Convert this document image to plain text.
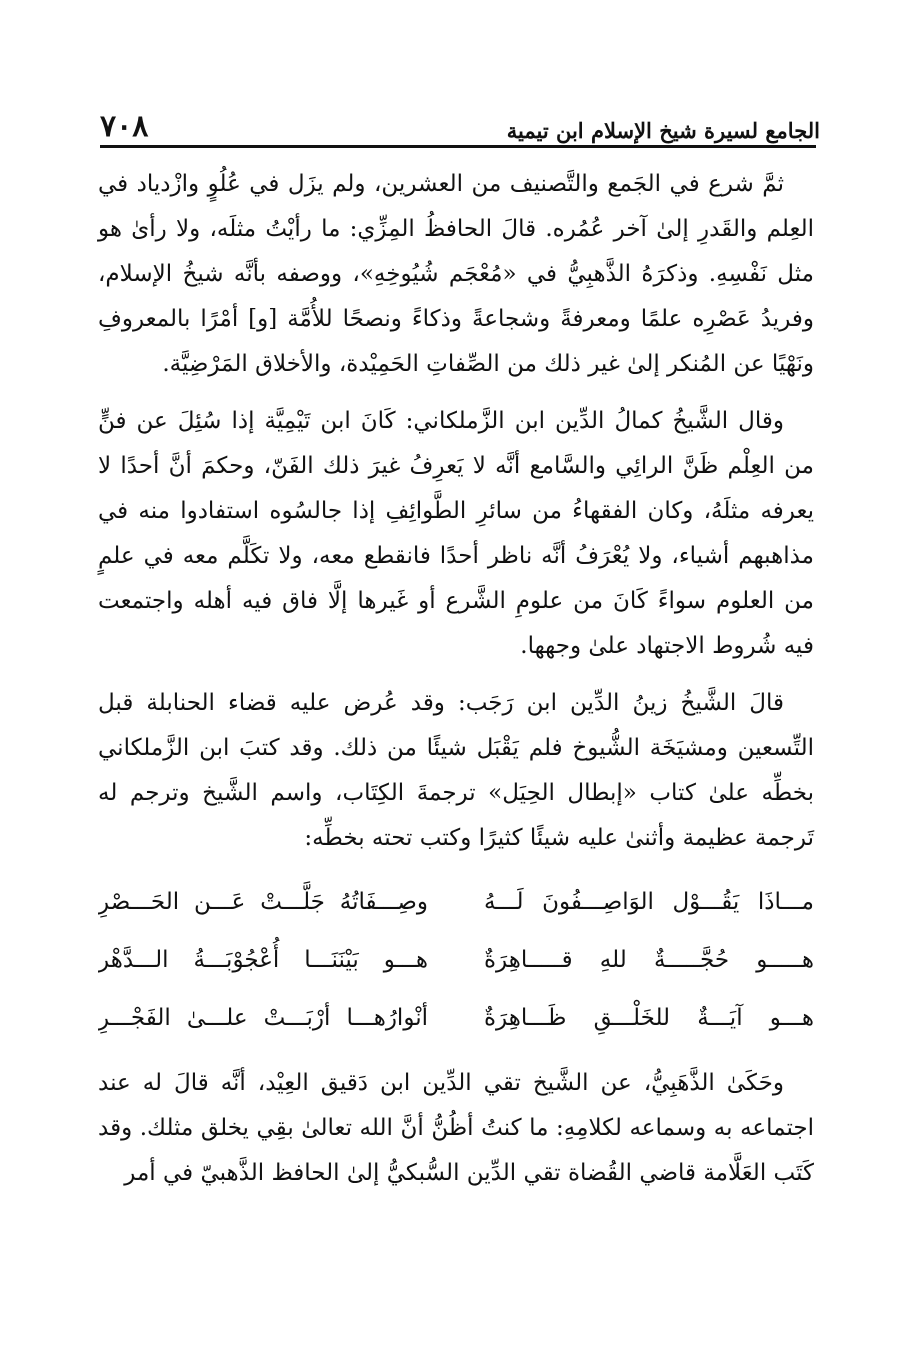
الجامع لسيرة شيخ الإسلام ابن تيمية
٧٠٨

ثمَّ شرع في الجَمع والتَّصنيف من العشرين، ولم يزَل في عُلُوٍ وازْدياد في العِلم والقَدرِ إلىٰ آخر عُمُره. قالَ الحافظُ المِزِّي: ما رأيْتُ مثلَه، ولا رأىٰ هو مثل نَفْسِهِ. وذكرَهُ الذَّهبِيُّ في «مُعْجَم شُيُوخِهِ»، ووصفه بأنَّه شيخُ الإسلام، وفريدُ عَصْرِه علمًا ومعرفةً وشجاعةً وذكاءً ونصحًا للأُمَّة [و] أمْرًا بالمعروفِ ونَهْيًا عن المُنكر إلىٰ غير ذلك من الصِّفاتِ الحَمِيْدة، والأخلاق المَرْضِيَّة.

وقال الشَّيخُ كمالُ الدِّين ابن الزَّملكاني: كَانَ ابن تَيْمِيَّة إذا سُئِلَ عن فنٍّ من العِلْم ظَنَّ الرائِي والسَّامع أنَّه لا يَعرِفُ غيرَ ذلك الفَنّ، وحكمَ أنَّ أحدًا لا يعرفه مثلَهُ، وكان الفقهاءُ من سائرِ الطَّوائِفِ إذا جالسُوه استفادوا منه في مذاهبهم أشياء، ولا يُعْرَفُ أنَّه ناظر أحدًا فانقطع معه، ولا تكَلَّم معه في علمٍ من العلوم سواءً كَانَ من علومِ الشَّرع أو غَيرها إلَّا فاق فيه أهله واجتمعت فيه شُروط الاجتهاد علىٰ وجهها.

قالَ الشَّيخُ زينُ الدِّين ابن رَجَب: وقد عُرض عليه قضاء الحنابلة قبل التِّسعين ومشيَخَة الشُّيوخ فلم يَقْبَل شيئًا من ذلك. وقد كتبَ ابن الزَّملكاني بخطِّه علىٰ كتاب «إبطال الحِيَل» ترجمةَ الكِتَاب، واسم الشَّيخ وترجم له تَرجمة عظيمة وأثنىٰ عليه شيئًا كثيرًا وكتب تحته بخطِّه:

مـــاذَا يَقُـــوْل الوَاصِـــفُونَ لَـــهُ
وصِـــفَاتُهُ جَلَّـــتْ عَـــن الحَـــصْرِ
هـــــو حُجَّـــــةٌ للهِ قـــــاهِرَةٌ
هـــو بَيْنَنَـــا أُعْجُوْبَـــةُ الـــدَّهْر
هـــو آيَـــةٌ للخَلْـــقِ ظَـــاهِرَةٌ
أنْوارُهـــا أرْبَـــتْ علـــىٰ الفَجْـــرِ

وحَكَىٰ الذَّهَبِيُّ، عن الشَّيخ تقي الدِّين ابن دَقيق العِيْد، أنَّه قالَ له عند اجتماعه به وسماعه لكلامِهِ: ما كنتُ أظُنُّ أنَّ الله تعالىٰ بقِي يخلق مثلك. وقد كَتَب العَلَّامة قاضي القُضاة تقي الدِّين السُّبكيُّ إلىٰ الحافظ الذَّهبيّ في أمر
